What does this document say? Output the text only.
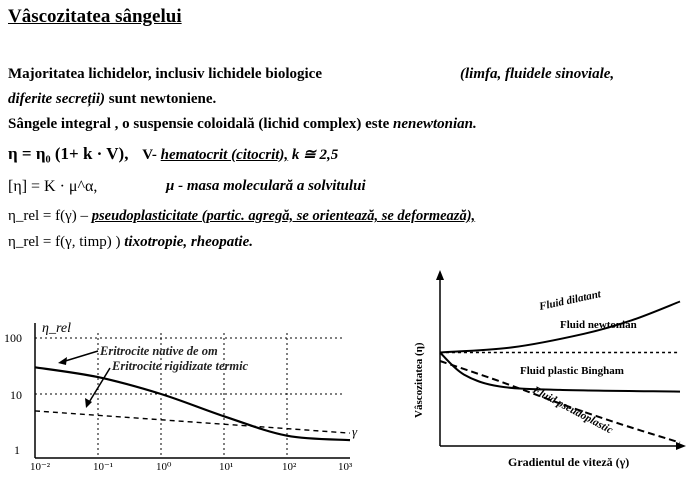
Vâscozitatea sângelui
Majoritatea lichidelor, inclusiv lichidele biologice	(limfa, fluidele sinoviale,
diferite secreții) sunt newtoniene.
Sângele integral , o suspensie coloidală (lichid complex) este nenewtonian.
η = η₀ (1+ k · V), V- hematocrit (citocrit), k ≅ 2,5
[η] = K · μ^α,	μ - masa moleculară a solvitului
η_rel = f(γ) – pseudoplasticitate (partic. agregă, se orientează, se deformează),
η_rel = f(γ, timp) ) tixotropie, rheopatie.
100
10
1
η_rel
γ
10⁻²	10⁻¹	10⁰	10¹	10²	10³
Eritrocite native de om
Eritrocite rigidizate termic	Vâscozitatea (η)
Gradientul de viteză (γ)
Fluid dilatant
Fluid newtonian
Fluid plastic Bingham
Fluid pseudoplastic
